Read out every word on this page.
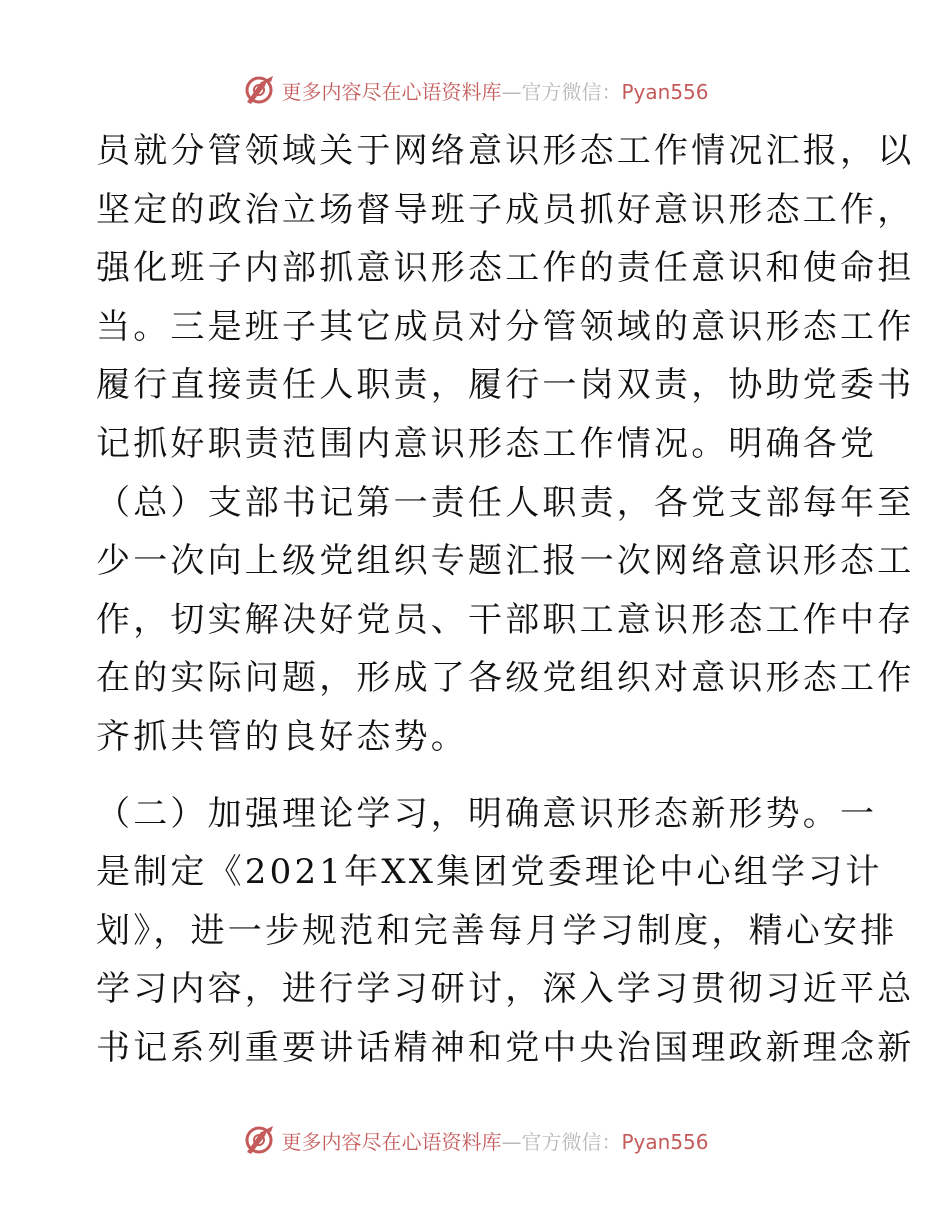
更多内容尽在心语资料库—官方微信：Pyan556

员就分管领域关于网络意识形态工作情况汇报，以

坚定的政治立场督导班子成员抓好意识形态工作，

强化班子内部抓意识形态工作的责任意识和使命担

当。三是班子其它成员对分管领域的意识形态工作

履行直接责任人职责，履行一岗双责，协助党委书

记抓好职责范围内意识形态工作情况。明确各党

（总）支部书记第一责任人职责，各党支部每年至

少一次向上级党组织专题汇报一次网络意识形态工

作，切实解决好党员、干部职工意识形态工作中存

在的实际问题，形成了各级党组织对意识形态工作

齐抓共管的良好态势。

（二）加强理论学习，明确意识形态新形势。一

是制定《2021年XX集团党委理论中心组学习计

划》，进一步规范和完善每月学习制度，精心安排

学习内容，进行学习研讨，深入学习贯彻习近平总

书记系列重要讲话精神和党中央治国理政新理念新

更多内容尽在心语资料库—官方微信：Pyan556
